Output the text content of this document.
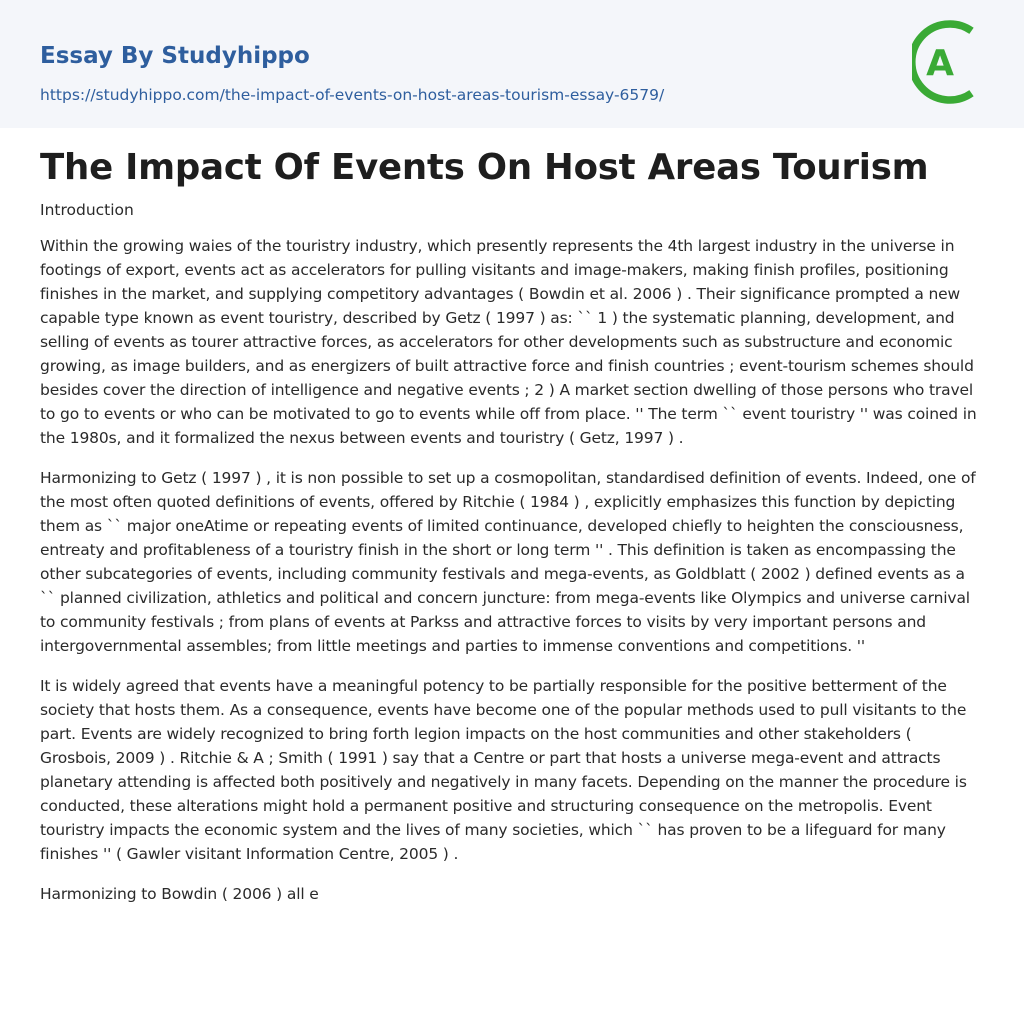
Essay By Studyhippo
https://studyhippo.com/the-impact-of-events-on-host-areas-tourism-essay-6579/
A
The Impact Of Events On Host Areas Tourism

Introduction

Within the growing waies of the touristry industry, which presently represents the 4th largest industry in the universe in footings of export, events act as accelerators for pulling visitants and image-makers, making finish profiles, positioning finishes in the market, and supplying competitory advantages ( Bowdin et al. 2006 ) . Their significance prompted a new capable type known as event touristry, described by Getz ( 1997 ) as: `` 1 ) the systematic planning, development, and selling of events as tourer attractive forces, as accelerators for other developments such as substructure and economic growing, as image builders, and as energizers of built attractive force and finish countries ; event-tourism schemes should besides cover the direction of intelligence and negative events ; 2 ) A market section dwelling of those persons who travel to go to events or who can be motivated to go to events while off from place. '' The term `` event touristry '' was coined in the 1980s, and it formalized the nexus between events and touristry ( Getz, 1997 ) .

Harmonizing to Getz ( 1997 ) , it is non possible to set up a cosmopolitan, standardised definition of events. Indeed, one of the most often quoted definitions of events, offered by Ritchie ( 1984 ) , explicitly emphasizes this function by depicting them as `` major oneAtime or repeating events of limited continuance, developed chiefly to heighten the consciousness, entreaty and profitableness of a touristry finish in the short or long term '' . This definition is taken as encompassing the other subcategories of events, including community festivals and mega-events, as Goldblatt ( 2002 ) defined events as a `` planned civilization, athletics and political and concern juncture: from mega-events like Olympics and universe carnival to community festivals ; from plans of events at Parkss and attractive forces to visits by very important persons and intergovernmental assembles; from little meetings and parties to immense conventions and competitions. ''

It is widely agreed that events have a meaningful potency to be partially responsible for the positive betterment of the society that hosts them. As a consequence, events have become one of the popular methods used to pull visitants to the part. Events are widely recognized to bring forth legion impacts on the host communities and other stakeholders ( Grosbois, 2009 ) . Ritchie & A ; Smith ( 1991 ) say that a Centre or part that hosts a universe mega-event and attracts planetary attending is affected both positively and negatively in many facets. Depending on the manner the procedure is conducted, these alterations might hold a permanent positive and structuring consequence on the metropolis. Event touristry impacts the economic system and the lives of many societies, which `` has proven to be a lifeguard for many finishes '' ( Gawler visitant Information Centre, 2005 ) .

Harmonizing to Bowdin ( 2006 ) all e
